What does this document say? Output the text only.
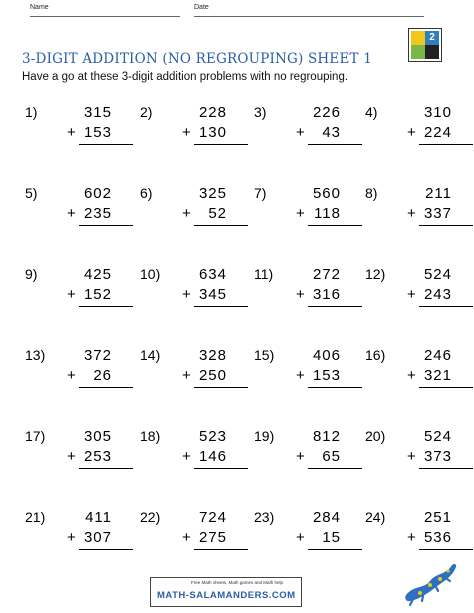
Name	Date
2
3-DIGIT ADDITION (NO REGROUPING) SHEET 1

Have a go at these 3-digit addition problems with no regrouping.

1)	315
+ 153
2)	228
+ 130
3)	226
+ 43
4)	310
+ 224
5)	602
+ 235
6)	325
+ 52
7)	560
+ 118
8)	211
+ 337
9)	425
+ 152
10)	634
+ 345
11)	272
+ 316
12)	524
+ 243
13)	372
+ 26
14)	328
+ 250
15)	406
+ 153
16)	246
+ 321
17)	305
+ 253
18)	523
+ 146
19)	812
+ 65
20)	524
+ 373
21)	411
+ 307
22)	724
+ 275
23)	284
+ 15
24)	251
+ 536
Free Math sheets, Math games and Math help
MATH-SALAMANDERS.COM
